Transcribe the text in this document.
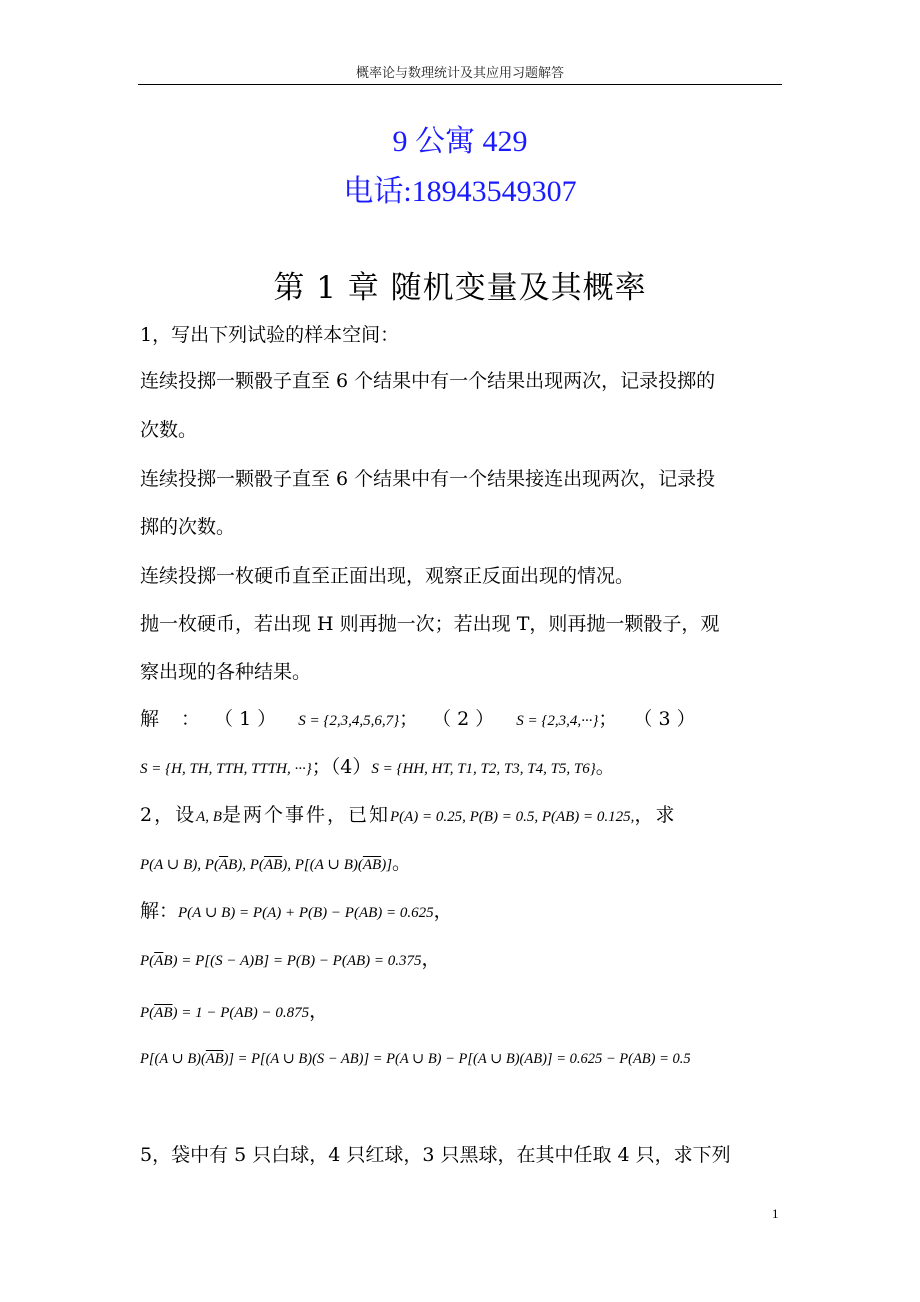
概率论与数理统计及其应用习题解答
9 公寓 429
电话:18943549307
第 1 章 随机变量及其概率
1，写出下列试验的样本空间：
连续投掷一颗骰子直至 6 个结果中有一个结果出现两次，记录投掷的
次数。
连续投掷一颗骰子直至 6 个结果中有一个结果接连出现两次，记录投
掷的次数。
连续投掷一枚硬币直至正面出现，观察正反面出现的情况。
抛一枚硬币，若出现 H 则再抛一次；若出现 T，则再抛一颗骰子，观
察出现的各种结果。
解 ： （ 1 ） S = {2,3,4,5,6,7}； （ 2 ） S = {2,3,4,···}； （ 3 ）
S = {H, TH, TTH, TTTH, ···}；（4）S = {HH, HT, T1, T2, T3, T4, T5, T6}。
2，设A, B是两个事件，已知P(A) = 0.25, P(B) = 0.5, P(AB) = 0.125,，求
P(A ∪ B), $P(\overline{A}B)$, $P(\overline{AB})$, P[(A ∪ $B)(\overline{AB})$]。
解：P(A ∪ B) = P(A) + P(B) − P(AB) = 0.625，
$P(\overline{A}B) = P[(S - A)B] = P(B) - P(AB) = 0.375$，
$P(\overline{AB}) = 1 - P(AB) - 0.875$，
P[(A ∪ $B)(\overline{AB})] = P[(A$ ∪ B)(S − AB)] = P(A ∪ B) − P[(A ∪ B)(AB)] = 0.625 − P(AB) = 0.5
5，袋中有 5 只白球，4 只红球，3 只黑球，在其中任取 4 只，求下列
1
